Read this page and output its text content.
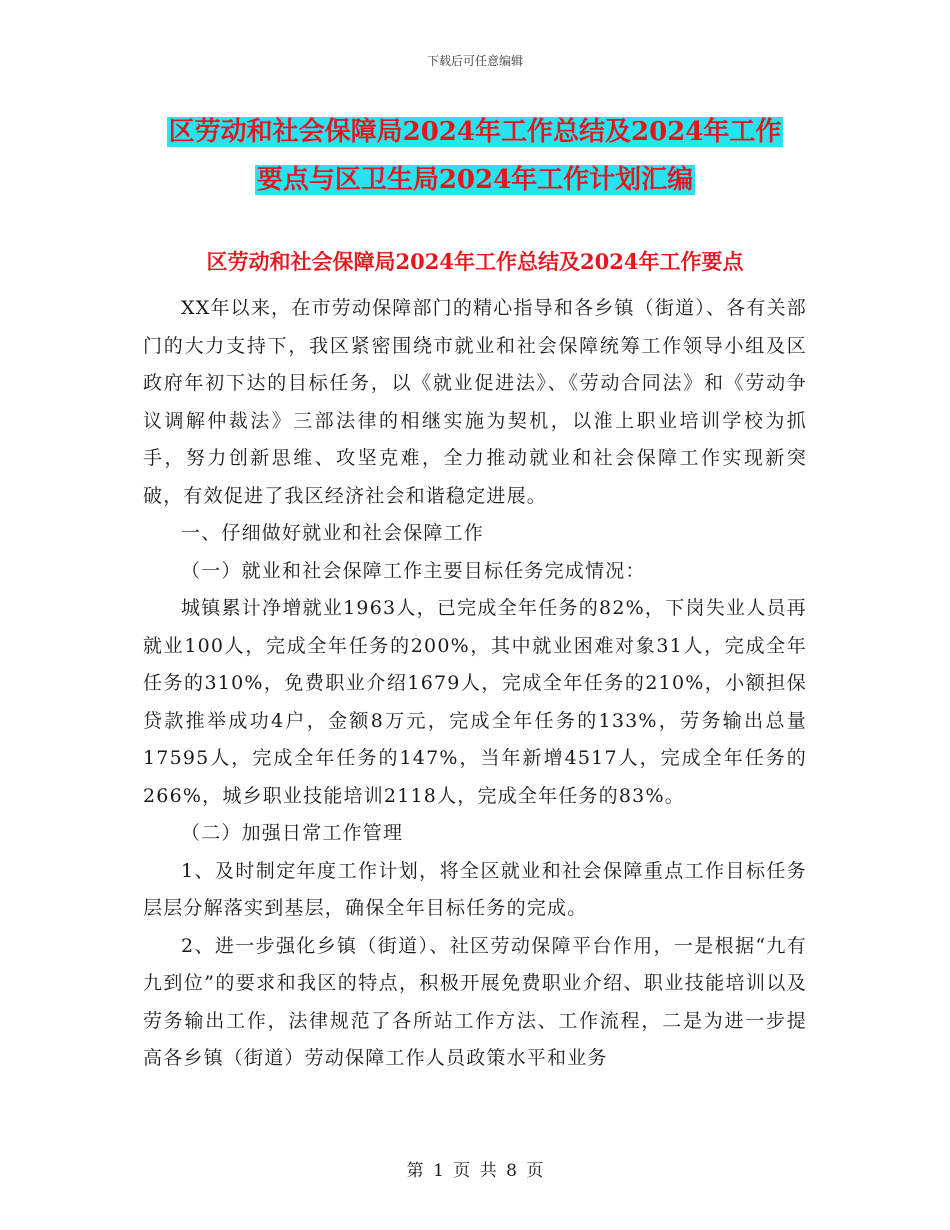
下载后可任意编辑
区劳动和社会保障局2024年工作总结及2024年工作
要点与区卫生局2024年工作计划汇编
区劳动和社会保障局2024年工作总结及2024年工作要点

XX年以来，在市劳动保障部门的精心指导和各乡镇（街道）、各有关部门的大力支持下，我区紧密围绕市就业和社会保障统筹工作领导小组及区政府年初下达的目标任务，以《就业促进法》、《劳动合同法》和《劳动争议调解仲裁法》三部法律的相继实施为契机，以淮上职业培训学校为抓手，努力创新思维、攻坚克难，全力推动就业和社会保障工作实现新突破，有效促进了我区经济社会和谐稳定进展。

一、仔细做好就业和社会保障工作

（一）就业和社会保障工作主要目标任务完成情况：

城镇累计净增就业1963人，已完成全年任务的82%，下岗失业人员再就业100人，完成全年任务的200%，其中就业困难对象31人，完成全年任务的310%，免费职业介绍1679人，完成全年任务的210%，小额担保贷款推举成功4户，金额8万元，完成全年任务的133%，劳务输出总量17595人，完成全年任务的147%，当年新增4517人，完成全年任务的266%，城乡职业技能培训2118人，完成全年任务的83%。

（二）加强日常工作管理

1、及时制定年度工作计划，将全区就业和社会保障重点工作目标任务层层分解落实到基层，确保全年目标任务的完成。

2、进一步强化乡镇（街道）、社区劳动保障平台作用，一是根据“九有九到位”的要求和我区的特点，积极开展免费职业介绍、职业技能培训以及劳务输出工作，法律规范了各所站工作方法、工作流程，二是为进一步提高各乡镇（街道）劳动保障工作人员政策水平和业务

第 1 页 共 8 页
